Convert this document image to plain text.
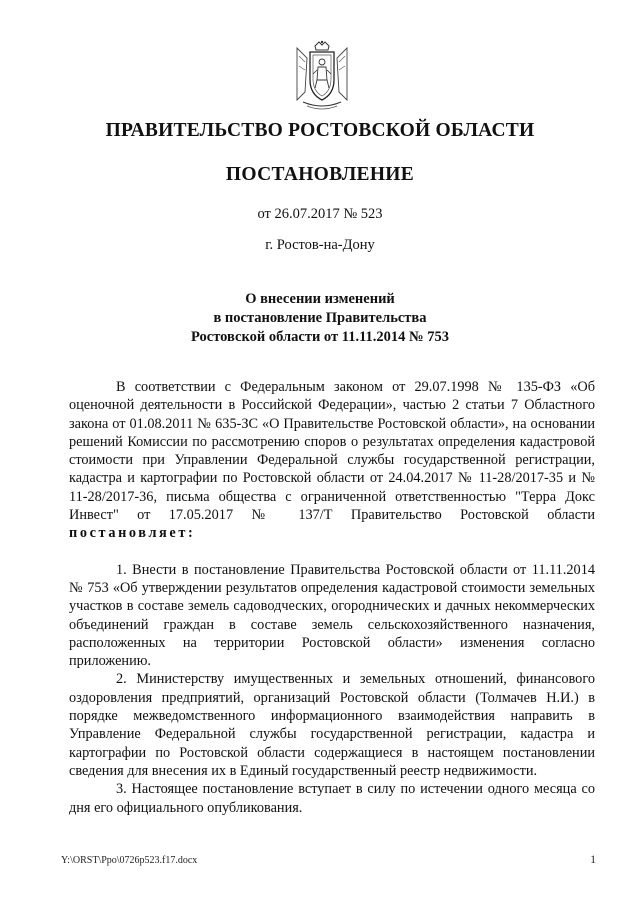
ПРАВИТЕЛЬСТВО РОСТОВСКОЙ ОБЛАСТИ
ПОСТАНОВЛЕНИЕ
от 26.07.2017 № 523
г. Ростов-на-Дону
О внесении изменений
в постановление Правительства
Ростовской области от 11.11.2014 № 753

В соответствии с Федеральным законом от 29.07.1998 № 135-ФЗ «Об оценочной деятельности в Российской Федерации», частью 2 статьи 7 Областного закона от 01.08.2011 № 635-ЗС «О Правительстве Ростовской области», на основании решений Комиссии по рассмотрению споров о результатах определения кадастровой стоимости при Управлении Федеральной службы государственной регистрации, кадастра и картографии по Ростовской области от 24.04.2017 № 11-28/2017-35 и № 11-28/2017-36, письма общества с ограниченной ответственностью "Терра Докс Инвест" от 17.05.2017 № 137/Т Правительство Ростовской области постановляет:

1. Внести в постановление Правительства Ростовской области от 11.11.2014 № 753 «Об утверждении результатов определения кадастровой стоимости земельных участков в составе земель садоводческих, огороднических и дачных некоммерческих объединений граждан в составе земель сельскохозяйственного назначения, расположенных на территории Ростовской области» изменения согласно приложению.

2. Министерству имущественных и земельных отношений, финансового оздоровления предприятий, организаций Ростовской области (Толмачев Н.И.) в порядке межведомственного информационного взаимодействия направить в Управление Федеральной службы государственной регистрации, кадастра и картографии по Ростовской области содержащиеся в настоящем постановлении сведения для внесения их в Единый государственный реестр недвижимости.

3. Настоящее постановление вступает в силу по истечении одного месяца со дня его официального опубликования.

Y:\ORST\Ppo\0726p523.f17.docx	1
